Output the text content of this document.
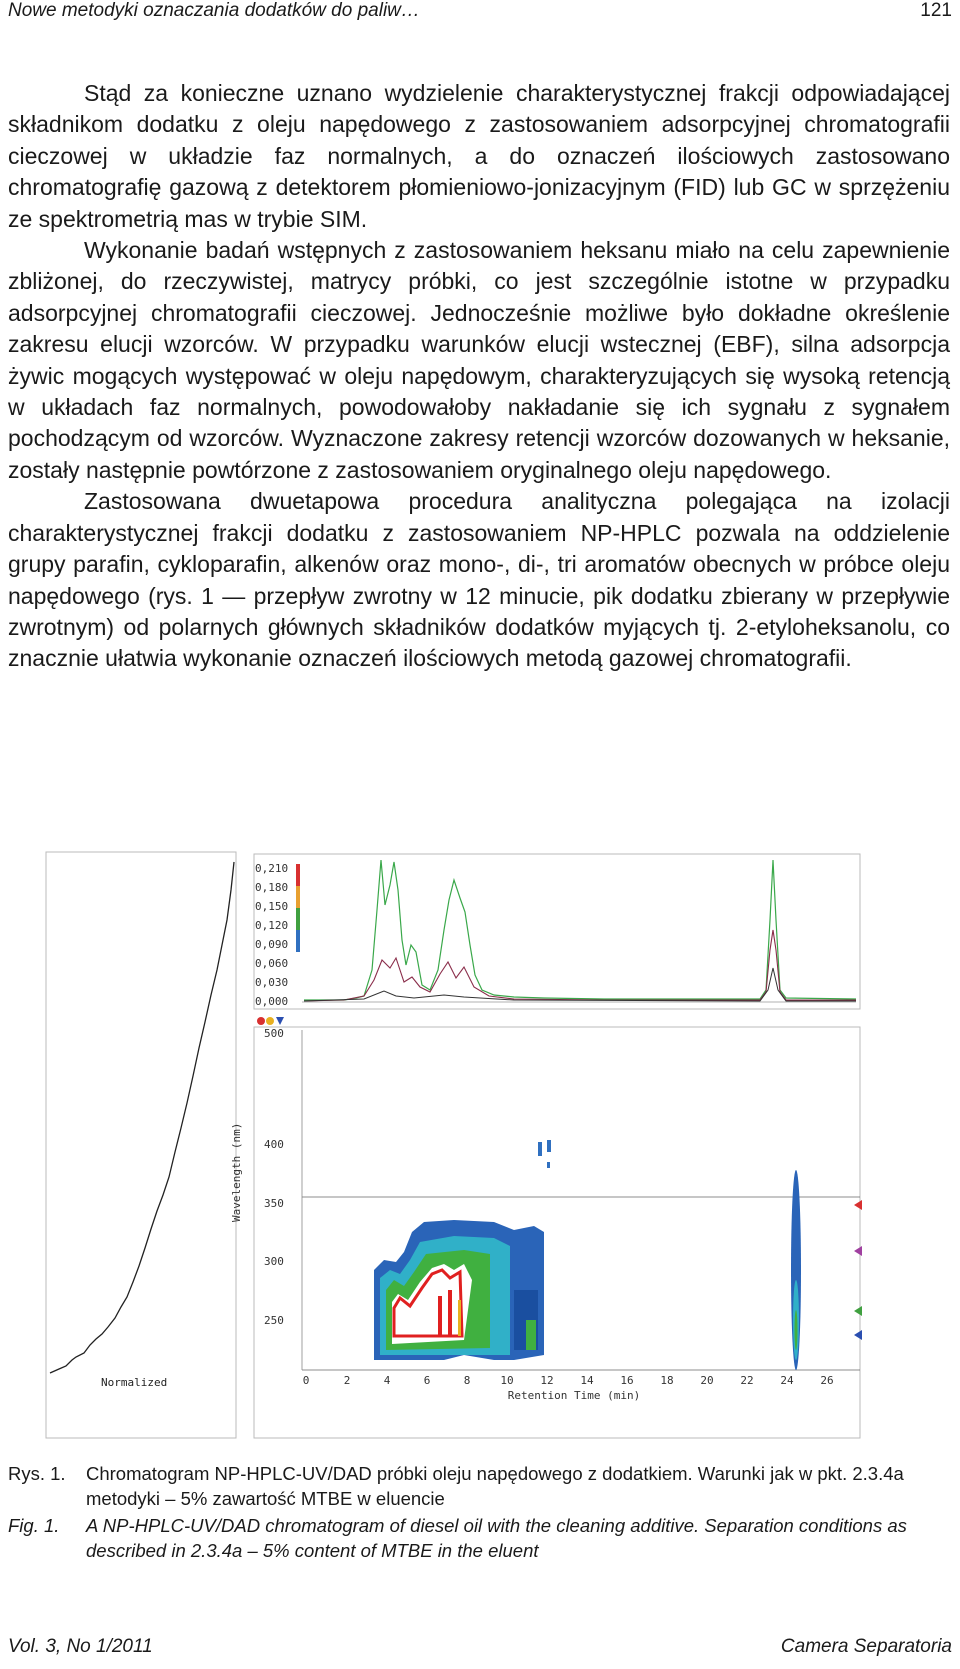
Nowe metodyki oznaczania dodatków do paliw…	121

Stąd za konieczne uznano wydzielenie charakterystycznej frakcji odpowiadającej składnikom dodatku z oleju napędowego z zastosowaniem adsorpcyjnej chromatografii cieczowej w układzie faz normalnych, a do oznaczeń ilościowych zastosowano chromatografię gazową z detektorem płomieniowo-jonizacyjnym (FID) lub GC w sprzężeniu ze spektrometrią mas w trybie SIM.

Wykonanie badań wstępnych z zastosowaniem heksanu miało na celu zapewnienie zbliżonej, do rzeczywistej, matrycy próbki, co jest szczególnie istotne w przypadku adsorpcyjnej chromatografii cieczowej. Jednocześnie możliwe było dokładne określenie zakresu elucji wzorców. W przypadku warunków elucji wstecznej (EBF), silna adsorpcja żywic mogących występować w oleju napędowym, charakteryzujących się wysoką retencją w układach faz normalnych, powodowałoby nakładanie się ich sygnału z sygnałem pochodzącym od wzorców. Wyznaczone zakresy retencji wzorców dozowanych w heksanie, zostały następnie powtórzone z zastosowaniem oryginalnego oleju napędowego.

Zastosowana dwuetapowa procedura analityczna polegająca na izolacji charakterystycznej frakcji dodatku z zastosowaniem NP-HPLC pozwala na oddzielenie grupy parafin, cykloparafin, alkenów oraz mono-, di-, tri aromatów obecnych w próbce oleju napędowego (rys. 1 — przepływ zwrotny w 12 minucie, pik dodatku zbierany w przepływie zwrotnym) od polarnych głównych składników dodatków myjących tj. 2-etyloheksanolu, co znacznie ułatwia wykonanie oznaczeń ilościowych metodą gazowej chromatografii.

Normalized
0,210
0,180
0,150
0,120
0,090
0,060
0,030
0,000
500
400
350
300
250
Wavelength (nm)
0	2	4	6	8	10 12 14 16 18 20 22 24 26
Retention Time (min)
Rys. 1.	Chromatogram NP-HPLC-UV/DAD próbki oleju napędowego z dodatkiem. Warunki jak w pkt. 2.3.4a metodyki – 5% zawartość MTBE w eluencie
Fig. 1.	A NP-HPLC-UV/DAD chromatogram of diesel oil with the cleaning additive. Separation conditions as described in 2.3.4a – 5% content of MTBE in the eluent
Vol. 3, No 1/2011	Camera Separatoria
